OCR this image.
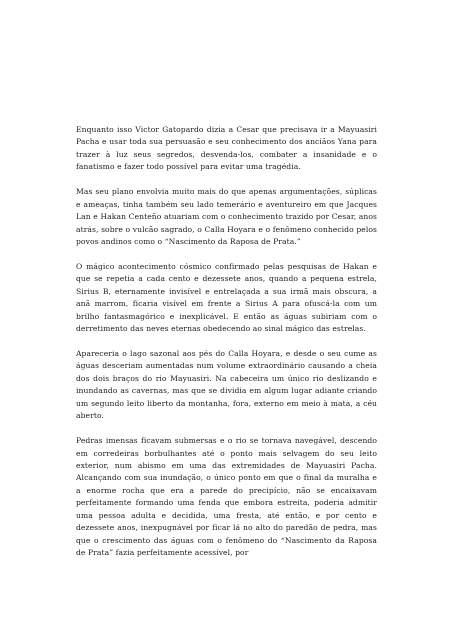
Enquanto isso Victor Gatopardo dizia a Cesar que precisava ir a Mayuasiri Pacha e usar toda sua persuasão e seu conhecimento dos anciãos Yana para trazer à luz seus segredos, desvenda-los, combater a insanidade e o fanatismo e fazer todo possível para evitar uma tragédia.

Mas seu plano envolvia muito mais do que apenas argumentações, súplicas e ameaças, tinha também seu lado temerário e aventureiro em que Jacques Lan e Hakan Centeño atuariam com o conhecimento trazido por Cesar, anos atrás, sobre o vulcão sagrado, o Calla Hoyara e o fenômeno conhecido pelos povos andinos como o “Nascimento da Raposa de Prata.”

O mágico acontecimento cósmico confirmado pelas pesquisas de Hakan e que se repetia a cada cento e dezessete anos, quando a pequena estrela, Sirius B, eternamente invisível e entrelaçada a sua irmã mais obscura, a anã marrom, ficaria visível em frente a Sirius A para ofuscá-la com um brilho fantasmagórico e inexplicável. E então as águas subiriam com o derretimento das neves eternas obedecendo ao sinal mágico das estrelas.

Apareceria o lago sazonal aos pés do Calla Hoyara, e desde o seu cume as águas desceriam aumentadas num volume extraordinário causando a cheia dos dois braços do rio Mayuasiri. Na cabeceira um único rio deslizando e inundando as cavernas, mas que se dividia em algum lugar adiante criando um segundo leito liberto da montanha, fora, externo em meio à mata, a céu aberto.

Pedras imensas ficavam submersas e o rio se tornava navegável, descendo em corredeiras borbulhantes até o ponto mais selvagem do seu leito exterior, num abismo em uma das extremidades de Mayuasiri Pacha. Alcançando com sua inundação, o único ponto em que o final da muralha e a enorme rocha que era a parede do precipício, não se encaixavam perfeitamente formando uma fenda que embora estreita, poderia admitir uma pessoa adulta e decidida, uma fresta, até então, e por cento e dezessete anos, inexpugnável por ficar lá no alto do paredão de pedra, mas que o crescimento das águas com o fenômeno do “Nascimento da Raposa de Prata” fazia perfeitamente acessível, por
